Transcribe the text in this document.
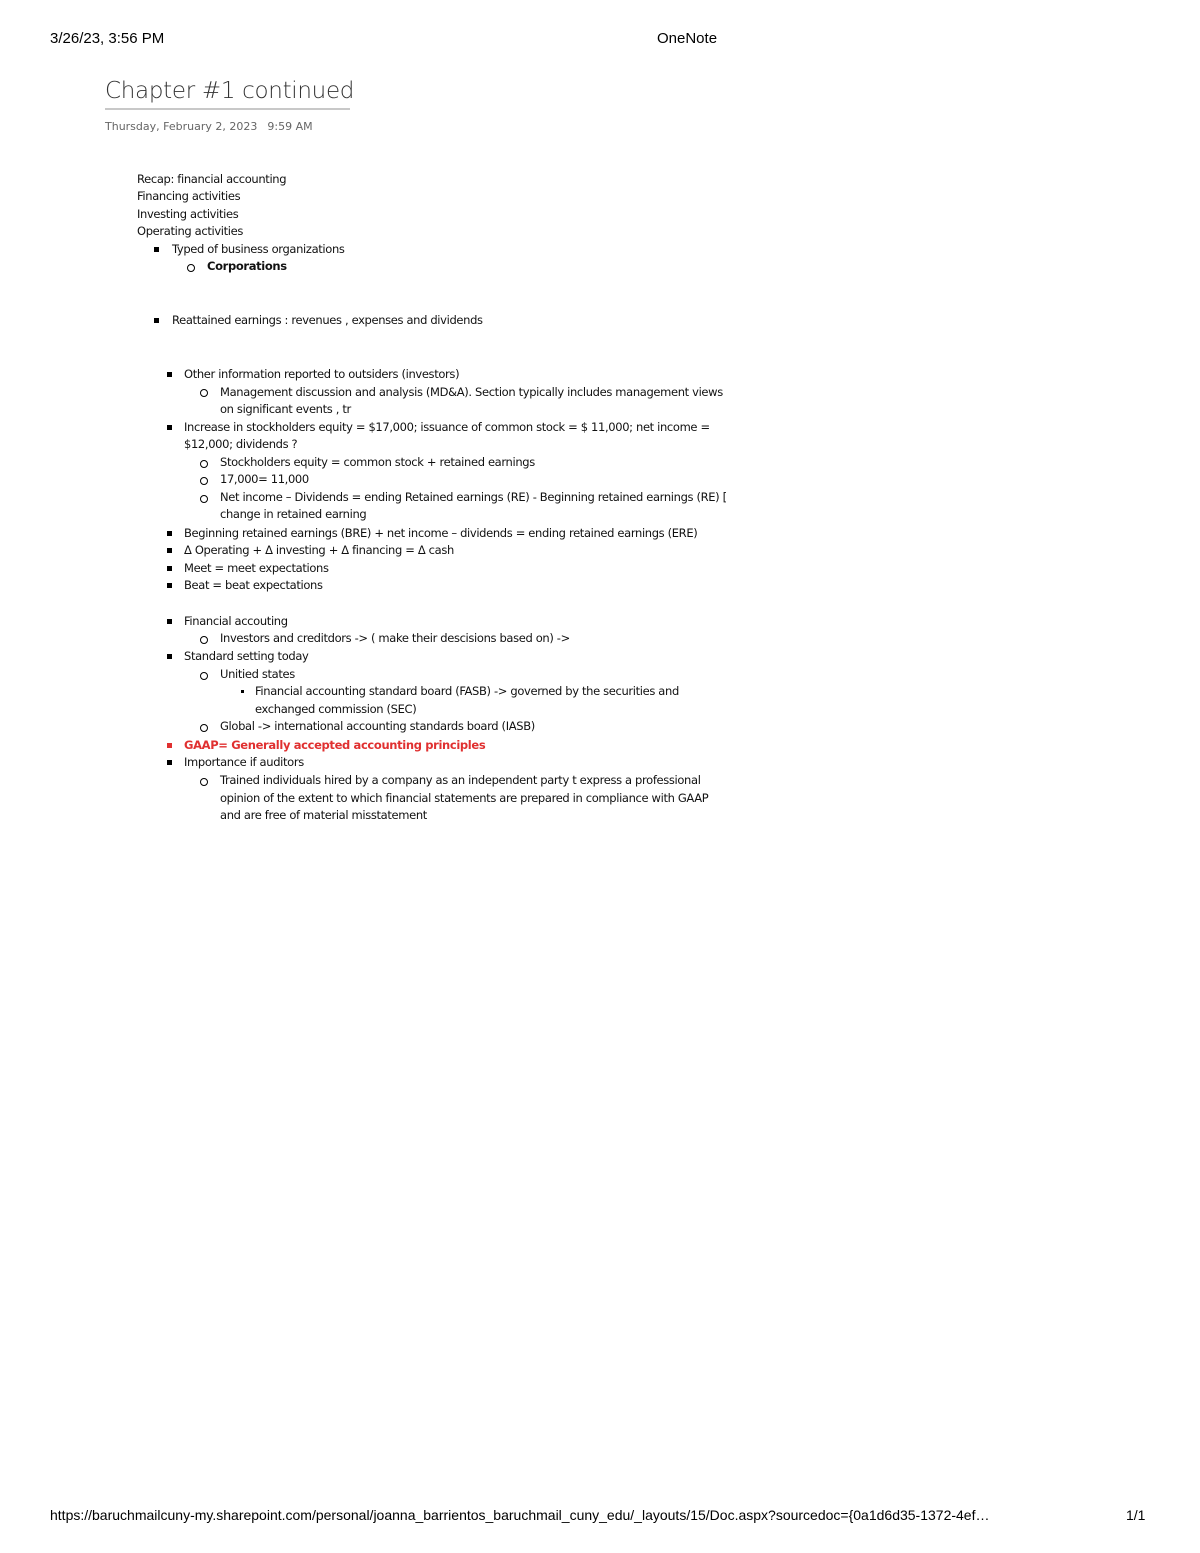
3/26/23, 3:56 PM	OneNote
Chapter #1 continued
Thursday, February 2, 2023 9:59 AM
Recap: financial accounting
Financing activities
Investing activities
Operating activities
Typed of business organizations
Corporations
Reattained earnings : revenues , expenses and dividends
Other information reported to outsiders (investors)
Management discussion and analysis (MD&A). Section typically includes management views
on significant events , tr
Increase in stockholders equity = $17,000; issuance of common stock = $ 11,000; net income =
$12,000; dividends ?
Stockholders equity = common stock + retained earnings
17,000= 11,000
Net income – Dividends = ending Retained earnings (RE) - Beginning retained earnings (RE) [
change in retained earning
Beginning retained earnings (BRE) + net income – dividends = ending retained earnings (ERE)
Δ Operating + Δ investing + Δ financing = Δ cash
Meet = meet expectations
Beat = beat expectations
Financial accouting
Investors and creditdors -> ( make their descisions based on) ->
Standard setting today
Unitied states
Financial accounting standard board (FASB) -> governed by the securities and
exchanged commission (SEC)
Global -> international accounting standards board (IASB)
GAAP= Generally accepted accounting principles
Importance if auditors
Trained individuals hired by a company as an independent party t express a professional
opinion of the extent to which financial statements are prepared in compliance with GAAP
and are free of material misstatement
https://baruchmailcuny-my.sharepoint.com/personal/joanna_barrientos_baruchmail_cuny_edu/_layouts/15/Doc.aspx?sourcedoc={0a1d6d35-1372-4ef…	1/1
